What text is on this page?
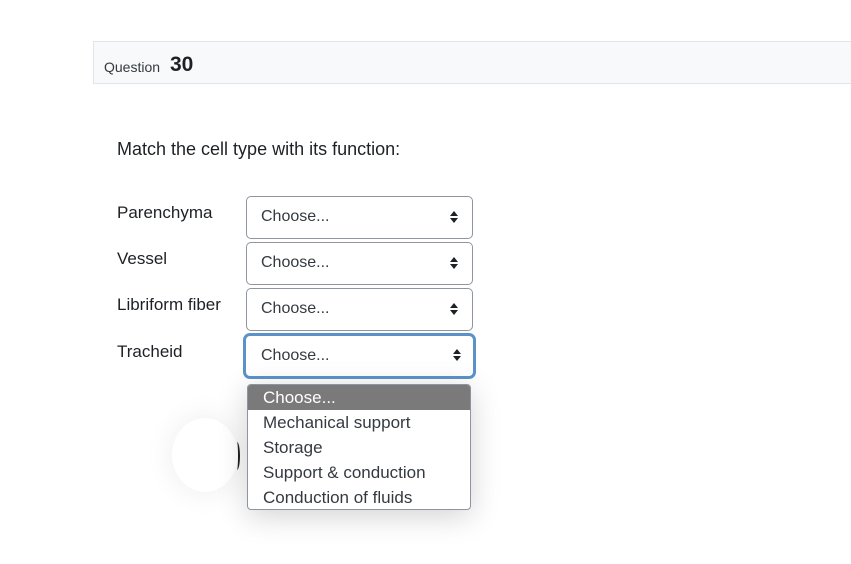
Question 30
Match the cell type with its function:
Parenchyma	Choose...
Vessel	Choose...
Libriform fiber	Choose...
Tracheid	Choose...
Choose...
Mechanical support
Storage
Support & conduction
Conduction of fluids
